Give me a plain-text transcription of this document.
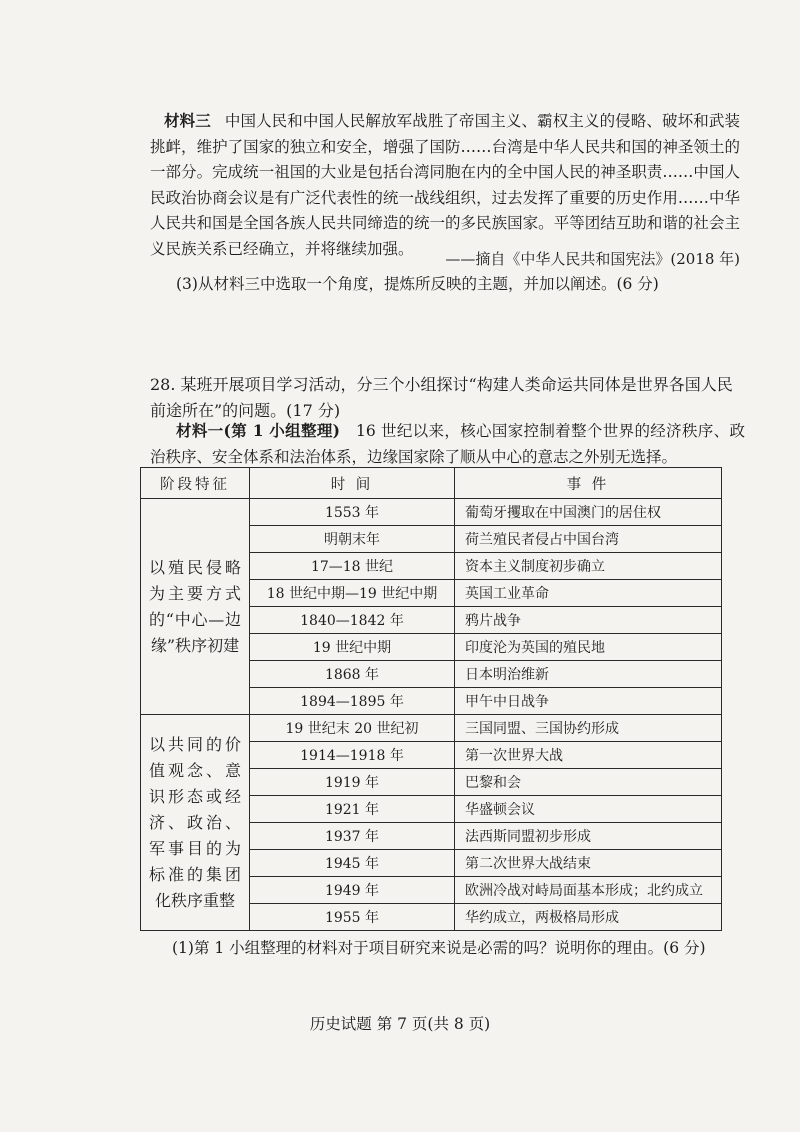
材料三 中国人民和中国人民解放军战胜了帝国主义、霸权主义的侵略、破坏和武装挑衅，维护了国家的独立和安全，增强了国防……台湾是中华人民共和国的神圣领土的一部分。完成统一祖国的大业是包括台湾同胞在内的全中国人民的神圣职责……中国人民政治协商会议是有广泛代表性的统一战线组织，过去发挥了重要的历史作用……中华人民共和国是全国各族人民共同缔造的统一的多民族国家。平等团结互助和谐的社会主义民族关系已经确立，并将继续加强。
——摘自《中华人民共和国宪法》(2018 年)
(3)从材料三中选取一个角度，提炼所反映的主题，并加以阐述。(6 分)
28. 某班开展项目学习活动，分三个小组探讨“构建人类命运共同体是世界各国人民前途所在”的问题。(17 分)
材料一(第 1 小组整理) 16 世纪以来，核心国家控制着整个世界的经济秩序、政治秩序、安全体系和法治体系，边缘国家除了顺从中心的意志之外别无选择。
阶段特征	时 间	事 件
以殖民侵略为主要方式的“中心—边缘”秩序初建	1553 年	葡萄牙攫取在中国澳门的居住权
	明朝末年	荷兰殖民者侵占中国台湾
	17—18 世纪	资本主义制度初步确立
	18 世纪中期—19 世纪中期	英国工业革命
	1840—1842 年	鸦片战争
	19 世纪中期	印度沦为英国的殖民地
	1868 年	日本明治维新
	1894—1895 年	甲午中日战争
以共同的价值观念、意识形态或经济、政治、军事目的为标准的集团化秩序重整	19 世纪末 20 世纪初	三国同盟、三国协约形成
	1914—1918 年	第一次世界大战
	1919 年	巴黎和会
	1921 年	华盛顿会议
	1937 年	法西斯同盟初步形成
	1945 年	第二次世界大战结束
	1949 年	欧洲冷战对峙局面基本形成；北约成立
	1955 年	华约成立，两极格局形成
(1)第 1 小组整理的材料对于项目研究来说是必需的吗？说明你的理由。(6 分)
历史试题 第 7 页(共 8 页)
